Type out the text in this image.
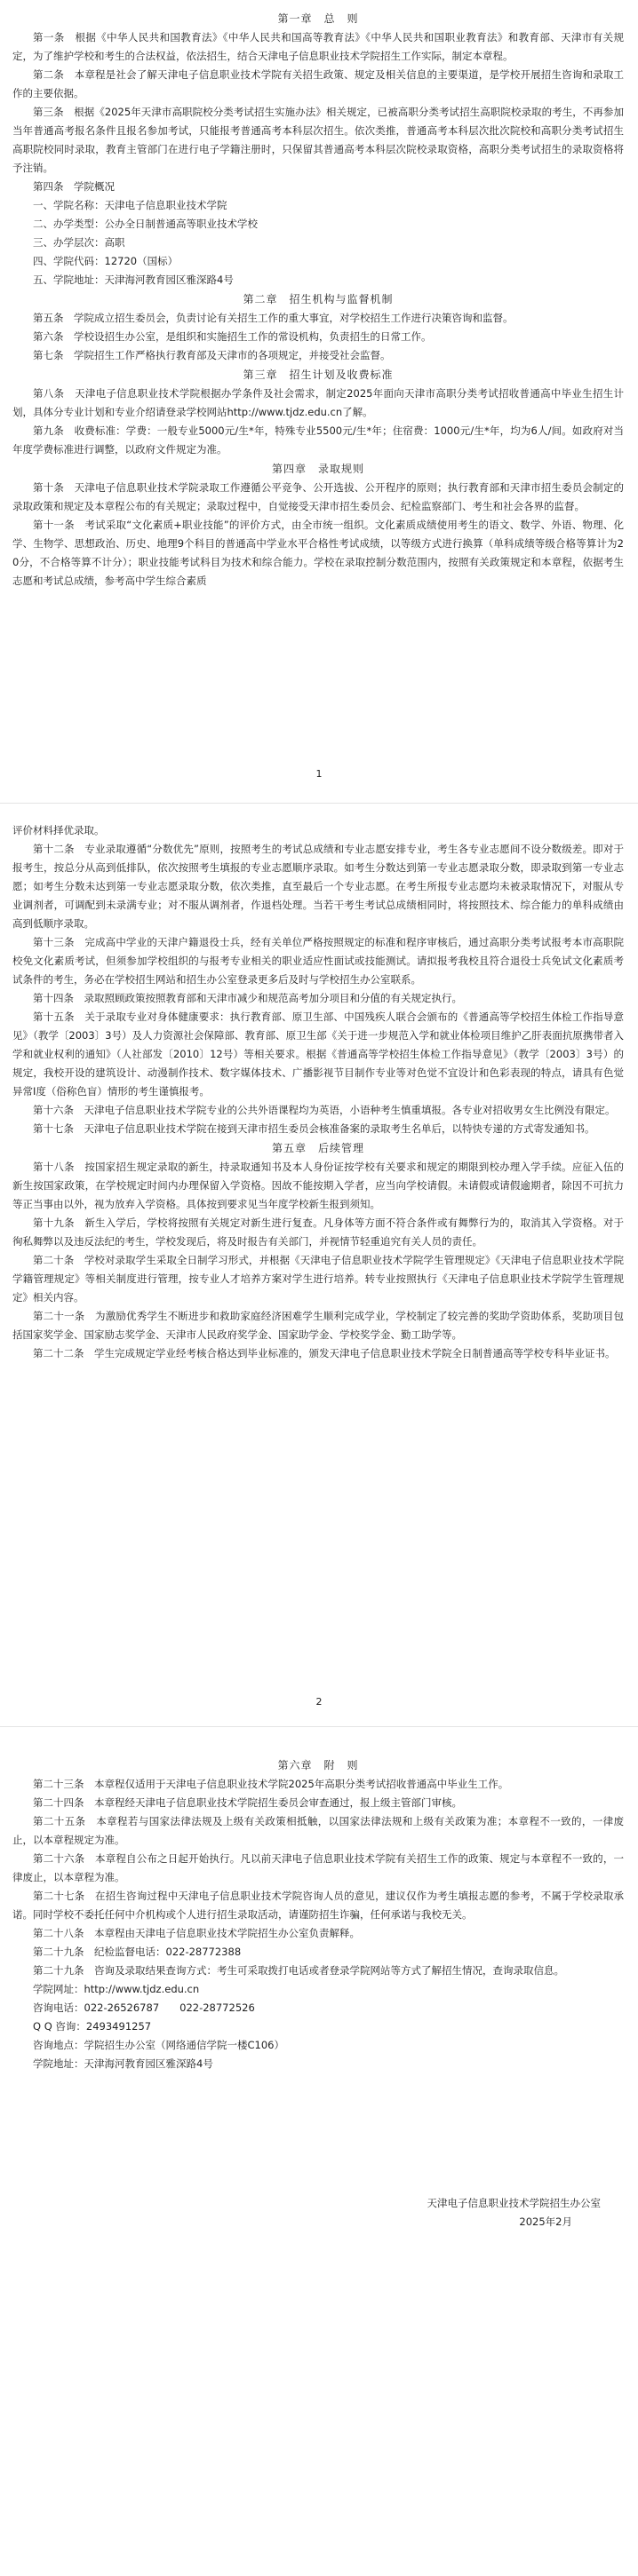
第一章　总　则

第一条　根据《中华人民共和国教育法》《中华人民共和国高等教育法》《中华人民共和国职业教育法》和教育部、天津市有关规定，为了维护学校和考生的合法权益，依法招生，结合天津电子信息职业技术学院招生工作实际，制定本章程。

第二条　本章程是社会了解天津电子信息职业技术学院有关招生政策、规定及相关信息的主要渠道，是学校开展招生咨询和录取工作的主要依据。

第三条　根据《2025年天津市高职院校分类考试招生实施办法》相关规定，已被高职分类考试招生高职院校录取的考生，不再参加当年普通高考报名条件且报名参加考试，只能报考普通高考本科层次招生。依次类推，普通高考本科层次批次院校和高职分类考试招生高职院校同时录取，教育主管部门在进行电子学籍注册时，只保留其普通高考本科层次院校录取资格，高职分类考试招生的录取资格将予注销。

第四条　学院概况

一、学院名称：天津电子信息职业技术学院

二、办学类型：公办全日制普通高等职业技术学校

三、办学层次：高职

四、学院代码：12720（国标）

五、学院地址：天津海河教育园区雅深路4号

第二章　招生机构与监督机制

第五条　学院成立招生委员会，负责讨论有关招生工作的重大事宜，对学校招生工作进行决策咨询和监督。

第六条　学校设招生办公室，是组织和实施招生工作的常设机构，负责招生的日常工作。

第七条　学院招生工作严格执行教育部及天津市的各项规定，并接受社会监督。

第三章　招生计划及收费标准

第八条　天津电子信息职业技术学院根据办学条件及社会需求，制定2025年面向天津市高职分类考试招收普通高中毕业生招生计划，具体分专业计划和专业介绍请登录学校网站http://www.tjdz.edu.cn了解。

第九条　收费标准：学费：一般专业5000元/生*年，特殊专业5500元/生*年；住宿费：1000元/生*年，均为6人/间。如政府对当年度学费标准进行调整，以政府文件规定为准。

第四章　录取规则

第十条　天津电子信息职业技术学院录取工作遵循公平竞争、公开选拔、公开程序的原则；执行教育部和天津市招生委员会制定的录取政策和规定及本章程公布的有关规定；录取过程中，自觉接受天津市招生委员会、纪检监察部门、考生和社会各界的监督。

第十一条　考试采取“文化素质+职业技能”的评价方式，由全市统一组织。文化素质成绩使用考生的语文、数学、外语、物理、化学、生物学、思想政治、历史、地理9个科目的普通高中学业水平合格性考试成绩，以等级方式进行换算（单科成绩等级合格等算计为20分，不合格等算不计分）；职业技能考试科目为技术和综合能力。学校在录取控制分数范围内，按照有关政策规定和本章程，依据考生志愿和考试总成绩，参考高中学生综合素质

1

评价材料择优录取。

第十二条　专业录取遵循“分数优先”原则，按照考生的考试总成绩和专业志愿安排专业，考生各专业志愿间不设分数级差。即对于报考生，按总分从高到低排队，依次按照考生填报的专业志愿顺序录取。如考生分数达到第一专业志愿录取分数，即录取到第一专业志愿；如考生分数未达到第一专业志愿录取分数，依次类推，直至最后一个专业志愿。在考生所报专业志愿均未被录取情况下，对服从专业调剂者，可调配到未录满专业；对不服从调剂者，作退档处理。当若干考生考试总成绩相同时，将按照技术、综合能力的单科成绩由高到低顺序录取。

第十三条　完成高中学业的天津户籍退役士兵，经有关单位严格按照规定的标准和程序审核后，通过高职分类考试报考本市高职院校免文化素质考试，但须参加学校组织的与报考专业相关的职业适应性面试或技能测试。请拟报考我校且符合退役士兵免试文化素质考试条件的考生，务必在学校招生网站和招生办公室登录更多后及时与学校招生办公室联系。

第十四条　录取照顾政策按照教育部和天津市减少和规范高考加分项目和分值的有关规定执行。

第十五条　关于录取专业对身体健康要求：执行教育部、原卫生部、中国残疾人联合会颁布的《普通高等学校招生体检工作指导意见》（教学〔2003〕3号）及人力资源社会保障部、教育部、原卫生部《关于进一步规范入学和就业体检项目维护乙肝表面抗原携带者入学和就业权利的通知》（人社部发〔2010〕12号）等相关要求。根据《普通高等学校招生体检工作指导意见》（教学〔2003〕3号）的规定，我校开设的建筑设计、动漫制作技术、数字媒体技术、广播影视节目制作专业等对色觉不宜设计和色彩表现的特点，请具有色觉异常Ⅰ度（俗称色盲）情形的考生谨慎报考。

第十六条　天津电子信息职业技术学院专业的公共外语课程均为英语，小语种考生慎重填报。各专业对招收男女生比例没有限定。

第十七条　天津电子信息职业技术学院在接到天津市招生委员会核准备案的录取考生名单后，以特快专递的方式寄发通知书。

第五章　后续管理

第十八条　按国家招生规定录取的新生，持录取通知书及本人身份证按学校有关要求和规定的期限到校办理入学手续。应征入伍的新生按国家政策，在学校规定时间内办理保留入学资格。因故不能按期入学者，应当向学校请假。未请假或请假逾期者，除因不可抗力等正当事由以外，视为放弃入学资格。具体按到要求见当年度学校新生报到须知。

第十九条　新生入学后，学校将按照有关规定对新生进行复查。凡身体等方面不符合条件或有舞弊行为的，取消其入学资格。对于徇私舞弊以及违反法纪的考生，学校发现后，将及时报告有关部门，并视情节轻重追究有关人员的责任。

第二十条　学校对录取学生采取全日制学习形式，并根据《天津电子信息职业技术学院学生管理规定》《天津电子信息职业技术学院学籍管理规定》等相关制度进行管理，按专业人才培养方案对学生进行培养。转专业按照执行《天津电子信息职业技术学院学生管理规定》相关内容。

第二十一条　为激励优秀学生不断进步和救助家庭经济困难学生顺利完成学业，学校制定了较完善的奖助学资助体系，奖助项目包括国家奖学金、国家励志奖学金、天津市人民政府奖学金、国家助学金、学校奖学金、勤工助学等。

第二十二条　学生完成规定学业经考核合格达到毕业标准的，颁发天津电子信息职业技术学院全日制普通高等学校专科毕业证书。

2
第六章　附　则

第二十三条　本章程仅适用于天津电子信息职业技术学院2025年高职分类考试招收普通高中毕业生工作。

第二十四条　本章程经天津电子信息职业技术学院招生委员会审查通过，报上级主管部门审核。

第二十五条　本章程若与国家法律法规及上级有关政策相抵触，以国家法律法规和上级有关政策为准；本章程不一致的，一律废止，以本章程规定为准。

第二十六条　本章程自公布之日起开始执行。凡以前天津电子信息职业技术学院有关招生工作的政策、规定与本章程不一致的，一律废止，以本章程为准。

第二十七条　在招生咨询过程中天津电子信息职业技术学院咨询人员的意见，建议仅作为考生填报志愿的参考，不属于学校录取承诺。同时学校不委托任何中介机构或个人进行招生录取活动，请谨防招生诈骗，任何承诺与我校无关。

第二十八条　本章程由天津电子信息职业技术学院招生办公室负责解释。

第二十九条　纪检监督电话：022-28772388

第二十九条　咨询及录取结果查询方式：考生可采取拨打电话或者登录学院网站等方式了解招生情况，查询录取信息。

学院网址：http://www.tjdz.edu.cn

咨询电话：022-26526787　　022-28772526

Q Q 咨询：2493491257

咨询地点：学院招生办公室（网络通信学院一楼C106）

学院地址：天津海河教育园区雅深路4号

天津电子信息职业技术学院招生办公室
2025年2月
